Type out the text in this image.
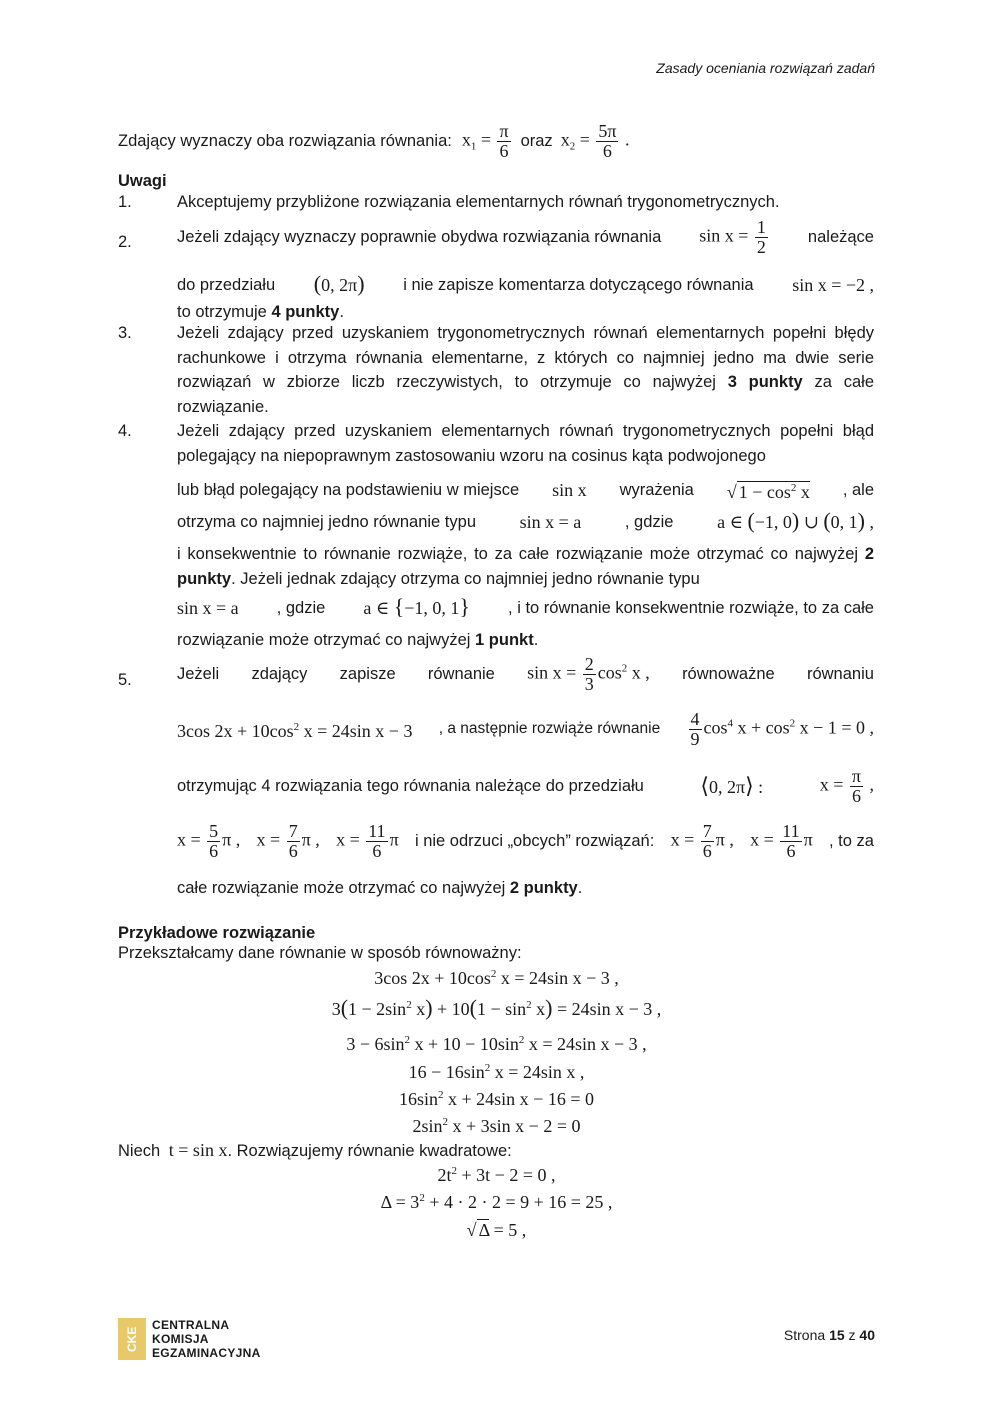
Zasady oceniania rozwiązań zadań
Zdający wyznaczy oba rozwiązania równania: $x_1 = \frac{\pi}{6}$ oraz $x_2 = \frac{5\pi}{6}$ .
Uwagi
1.	Akceptujemy przybliżone rozwiązania elementarnych równań trygonometrycznych.
2.	Jeżeli zdający wyznaczy poprawnie obydwa rozwiązania równania $\sin x = \frac{1}{2}$ należące
do przedziału (0, 2π) i nie zapisze komentarza dotyczącego równania sin x = −2 ,
to otrzymuje 4 punkty.
3.	Jeżeli zdający przed uzyskaniem trygonometrycznych równań elementarnych popełni błędy rachunkowe i otrzyma równania elementarne, z których co najmniej jedno ma dwie serie rozwiązań w zbiorze liczb rzeczywistych, to otrzymuje co najwyżej 3 punkty za całe rozwiązanie.
4.	Jeżeli zdający przed uzyskaniem elementarnych równań trygonometrycznych popełni błąd polegający na niepoprawnym zastosowaniu wzoru na cosinus kąta podwojonego
lub błąd polegający na podstawieniu w miejsce sin x wyrażenia √ $1 - \cos^2 x$ , ale
otrzyma co najmniej jedno równanie typu sin x = a	, gdzie a ∈ (−1, 0) ∪ (0, 1) ,
i konsekwentnie to równanie rozwiąże, to za całe rozwiązanie może otrzymać co najwyżej 2 punkty. Jeżeli jednak zdający otrzyma co najmniej jedno równanie typu
sin x = a , gdzie a ∈ {−1, 0, 1} , i to równanie konsekwentnie rozwiąże, to za całe
rozwiązanie może otrzymać co najwyżej 1 punkt.
5.	Jeżeli zdający zapisze równanie $\sin x = \frac{2}{3} \cos^2 x$ , równoważne równaniu
3cos $2x + 10\cos^2$ x = 24sin x − 3 , a następnie rozwiąże równanie $\frac{4}{9} \cos^4 x + \cos^2 x - 1 = 0$ ,
otrzymując 4 rozwiązania tego równania należące do przedziału	⟨0, 2π⟩ :	$x = \frac{\pi}{6}$ ,
$x = \frac{5}{6}$ π , $x = \frac{7}{6}$ π , $x = \frac{11}{6}$ π i nie odrzuci „obcych” rozwiązań: $x = \frac{7}{6}$ π , $x = \frac{11}{6}$ π , to za
całe rozwiązanie może otrzymać co najwyżej 2 punkty.
Przykładowe rozwiązanie
Przekształcamy dane równanie w sposób równoważny:
3cos $2x + 10\cos^2$ x = 24sin x − 3 ,
$3(1 - 2\sin^2$ $x) + 10(1 - \sin^2 x) = 24\sin$ x − 3 ,
$3 - 6\sin^2$ $x + 10 - 10\sin^2$ x = 24sin x − 3 ,
$16 - 16\sin^2$ x = 24sin x ,
$16\sin^2$ x + 24sin x − 16 = 0
$2\sin^2$ x + 3sin x − 2 = 0
Niech t = sin x. Rozwiązujemy równanie kwadratowe:
$2t^2 + 3t - 2 = 0$ ,
$\Delta = 3^2 + 4 \cdot 2 \cdot 2 = 9 + 16 = 25$ ,
√ Δ = 5 ,
CKE
CENTRALNA
KOMISJA
EGZAMINACYJNA
Strona 15 z 40
